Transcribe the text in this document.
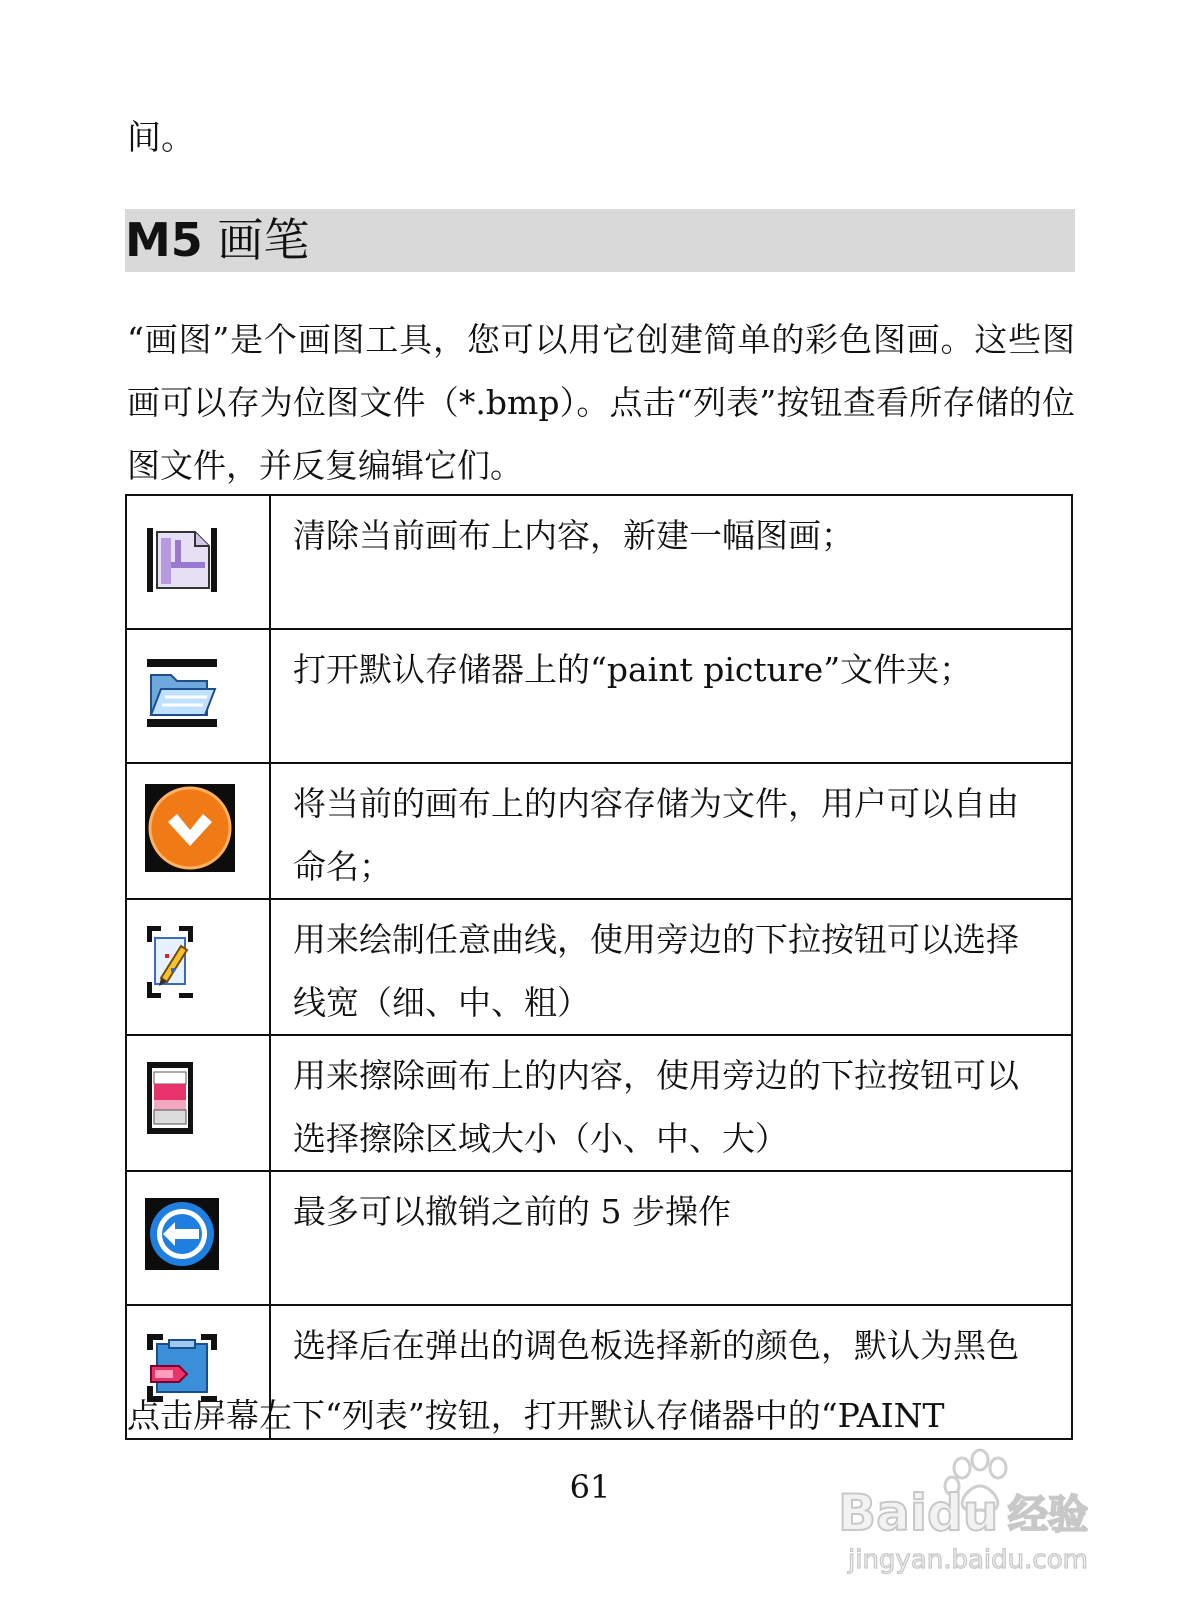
间。
M5 画笔
“画图”是个画图工具，您可以用它创建简单的彩色图画。这些图画可以存为位图文件（*.bmp）。点击“列表”按钮查看所存储的位图文件，并反复编辑它们。
	清除当前画布上内容，新建一幅图画；

	打开默认存储器上的“paint picture”文件夹；

	将当前的画布上的内容存储为文件，用户可以自由命名；

	用来绘制任意曲线，使用旁边的下拉按钮可以选择线宽（细、中、粗）

	用来擦除画布上的内容，使用旁边的下拉按钮可以选择擦除区域大小（小、中、大）

	最多可以撤销之前的 5 步操作

	选择后在弹出的调色板选择新的颜色，默认为黑色
点击屏幕左下“列表”按钮，打开默认存储器中的“PAINT
61	Baidu 经验
jingyan.baidu.com
